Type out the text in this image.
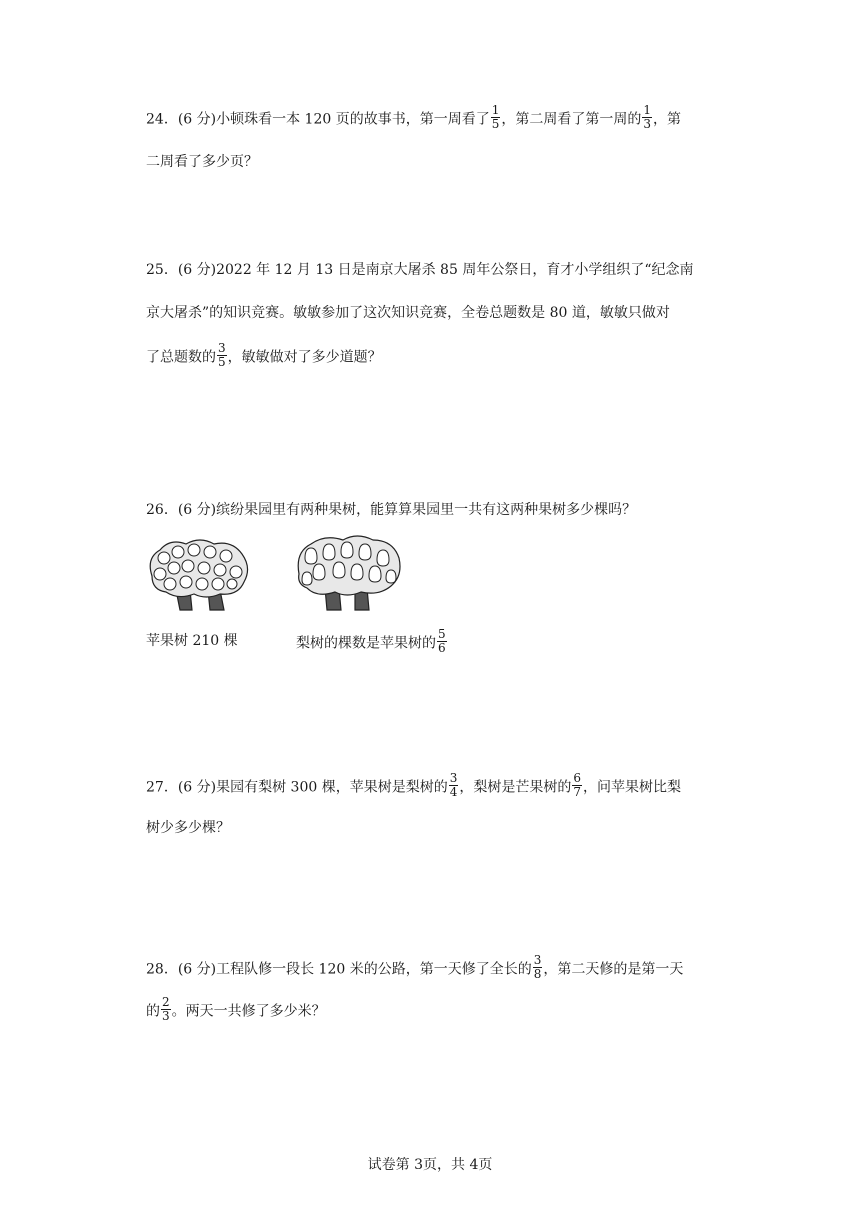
24．(6 分)小顿珠看一本 120 页的故事书，第一周看了 $\frac{1}{5}$ ，第二周看了第一周的 $\frac{1}{3}$ ，第
二周看了多少页？
25．(6 分)2022 年 12 月 13 日是南京大屠杀 85 周年公祭日，育才小学组织了“纪念南
京大屠杀”的知识竞赛。敏敏参加了这次知识竞赛，全卷总题数是 80 道，敏敏只做对
了总题数的 $\frac{3}{5}$ ，敏敏做对了多少道题？
26．(6 分)缤纷果园里有两种果树，能算算果园里一共有这两种果树多少棵吗？
苹果树 210 棵	梨树的棵数是苹果树的 $\frac{5}{6}$
27．(6 分)果园有梨树 300 棵，苹果树是梨树的 $\frac{3}{4}$ ，梨树是芒果树的 $\frac{6}{7}$ ，问苹果树比梨
树少多少棵？
28．(6 分)工程队修一段长 120 米的公路，第一天修了全长的 $\frac{3}{8}$ ，第二天修的是第一天
的 $\frac{2}{3}$ 。两天一共修了多少米？
试卷第 3页，共 4页
